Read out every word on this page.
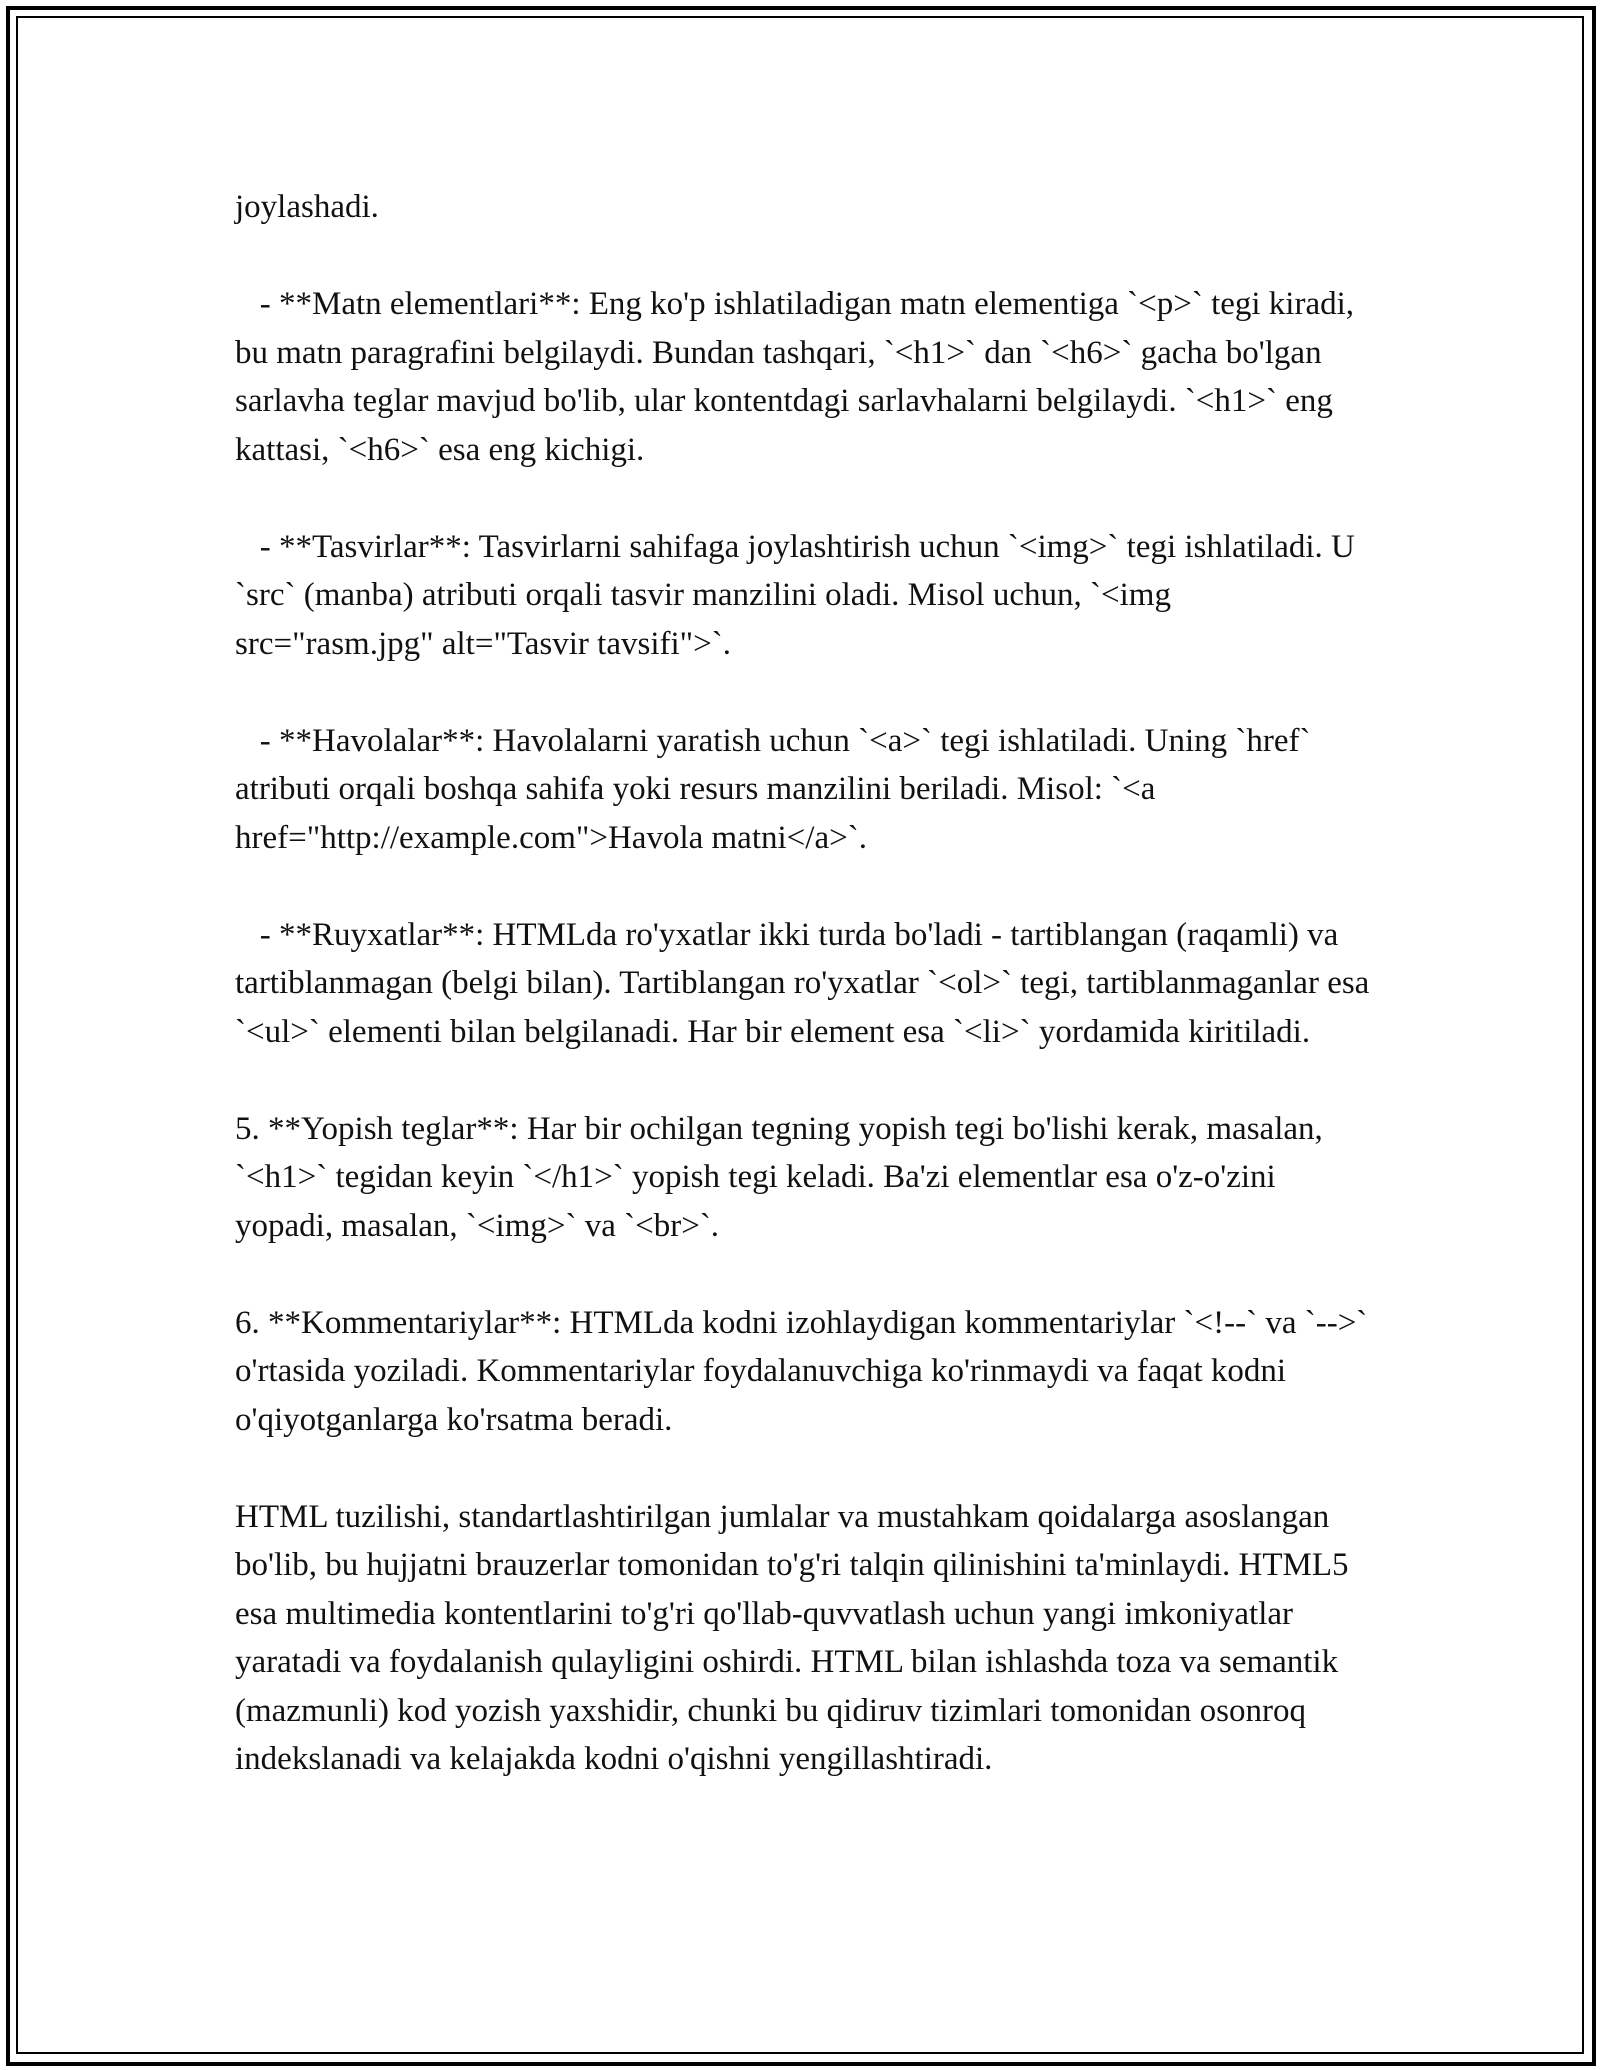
joylashadi.

- **Matn elementlari**: Eng ko'p ishlatiladigan matn elementiga `<p>` tegi kiradi, bu matn paragrafini belgilaydi. Bundan tashqari, `<h1>` dan `<h6>` gacha bo'lgan sarlavha teglar mavjud bo'lib, ular kontentdagi sarlavhalarni belgilaydi. `<h1>` eng kattasi, `<h6>` esa eng kichigi.

- **Tasvirlar**: Tasvirlarni sahifaga joylashtirish uchun `<img>` tegi ishlatiladi. U `src` (manba) atributi orqali tasvir manzilini oladi. Misol uchun, `<img src="rasm.jpg" alt="Tasvir tavsifi">`.

- **Havolalar**: Havolalarni yaratish uchun `<a>` tegi ishlatiladi. Uning `href` atributi orqali boshqa sahifa yoki resurs manzilini beriladi. Misol: `<a href="http://example.com">Havola matni</a>`.

- **Ruyxatlar**: HTMLda ro'yxatlar ikki turda bo'ladi - tartiblangan (raqamli) va tartiblanmagan (belgi bilan). Tartiblangan ro'yxatlar `<ol>` tegi, tartiblanmaganlar esa `<ul>` elementi bilan belgilanadi. Har bir element esa `<li>` yordamida kiritiladi.

5. **Yopish teglar**: Har bir ochilgan tegning yopish tegi bo'lishi kerak, masalan, `<h1>` tegidan keyin `</h1>` yopish tegi keladi. Ba'zi elementlar esa o'z-o'zini yopadi, masalan, `<img>` va `<br>`.

6. **Kommentariylar**: HTMLda kodni izohlaydigan kommentariylar `<!--` va `-->` o'rtasida yoziladi. Kommentariylar foydalanuvchiga ko'rinmaydi va faqat kodni o'qiyotganlarga ko'rsatma beradi.

HTML tuzilishi, standartlashtirilgan jumlalar va mustahkam qoidalarga asoslangan bo'lib, bu hujjatni brauzerlar tomonidan to'g'ri talqin qilinishini ta'minlaydi. HTML5 esa multimedia kontentlarini to'g'ri qo'llab-quvvatlash uchun yangi imkoniyatlar yaratadi va foydalanish qulayligini oshirdi. HTML bilan ishlashda toza va semantik (mazmunli) kod yozish yaxshidir, chunki bu qidiruv tizimlari tomonidan osonroq indekslanadi va kelajakda kodni o'qishni yengillashtiradi.
